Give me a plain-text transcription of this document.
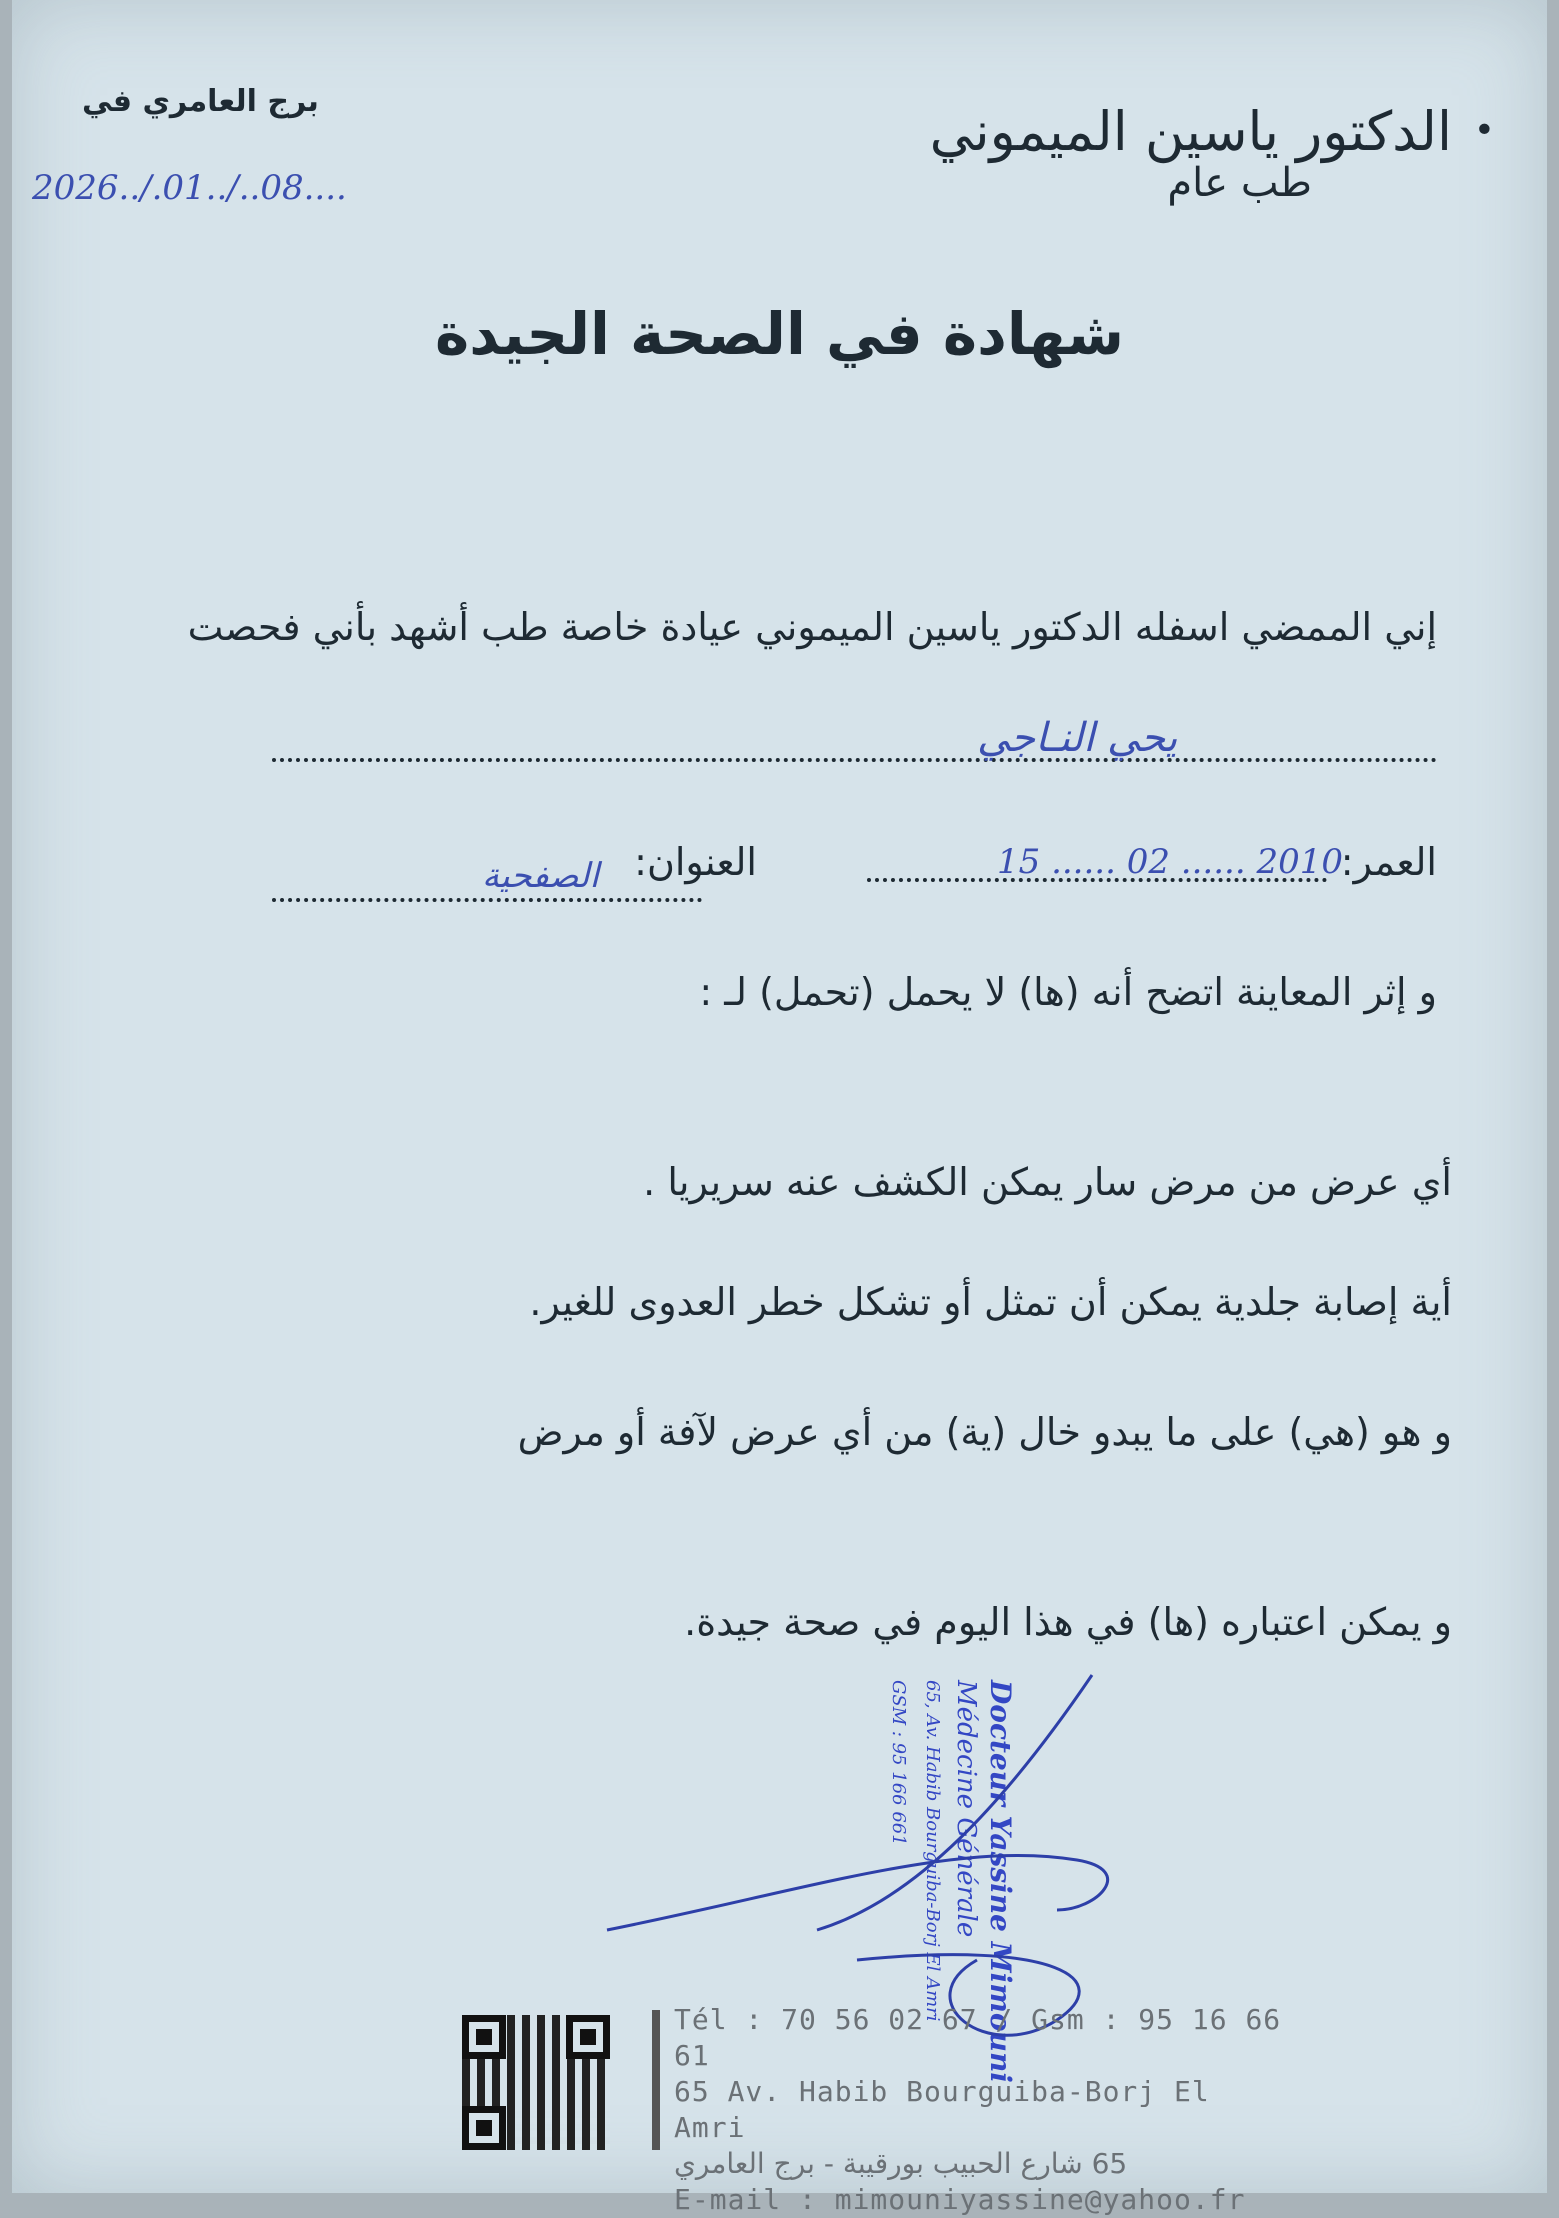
•
الدكتور ياسين الميموني
طب عام
برج العامري في
2026../.01../..08....
شهادة في الصحة الجيدة
إني الممضي اسفله الدكتور ياسين الميموني عيادة خاصة طب أشهد بأني فحصت
يحي النـاجي
العمر:
15 ...... 02 ...... 2010
العنوان:
الصفحية
و إثر المعاينة اتضح أنه (ها) لا يحمل (تحمل) لـ :
أي عرض من مرض سار يمكن الكشف عنه سريريا .
أية إصابة جلدية يمكن أن تمثل أو تشكل خطر العدوى للغير.
و هو (هي) على ما يبدو خال (ية) من أي عرض لآفة أو مرض
و يمكن اعتباره (ها) في هذا اليوم في صحة جيدة.
Docteur Yassine Mimouni
Médecine Générale
65, Av. Habib Bourguiba-Borj El Amri
GSM : 95 166 661
Tél : 70 56 02 67 / Gsm : 95 16 66 61
65 Av. Habib Bourguiba-Borj El Amri
65 شارع الحبيب بورقيبة - برج العامري
E-mail : mimouniyassine@yahoo.fr
